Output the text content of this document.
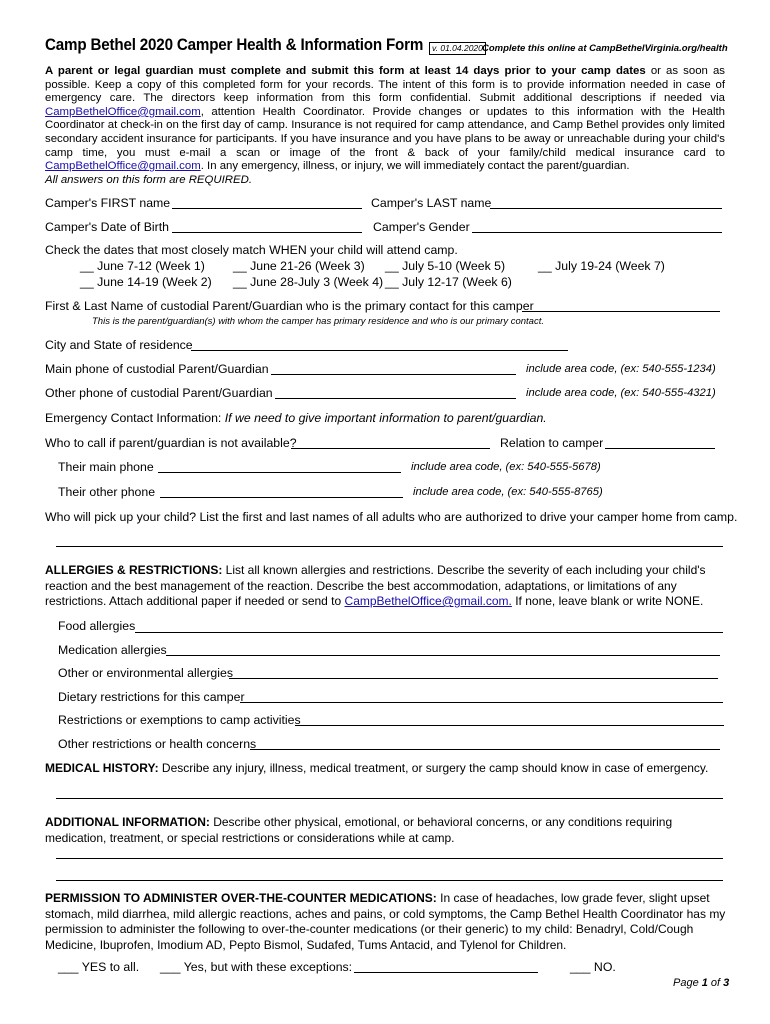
Camp Bethel 2020 Camper Health & Information Form	v. 01.04.2020 Complete this online at CampBethelVirginia.org/health
A parent or legal guardian must complete and submit this form at least 14 days prior to your camp dates or as soon as possible. Keep a copy of this completed form for your records. The intent of this form is to provide information needed in case of emergency care. The directors keep information from this form confidential. Submit additional descriptions if needed via CampBethelOffice@gmail.com, attention Health Coordinator. Provide changes or updates to this information with the Health Coordinator at check-in on the first day of camp. Insurance is not required for camp attendance, and Camp Bethel provides only limited secondary accident insurance for participants. If you have insurance and you have plans to be away or unreachable during your child's camp time, you must e-mail a scan or image of the front & back of your family/child medical insurance card to CampBethelOffice@gmail.com. In any emergency, illness, or injury, we will immediately contact the parent/guardian.
All answers on this form are REQUIRED.
Camper's FIRST name	Camper's LAST name
Camper's Date of Birth	Camper's Gender
Check the dates that most closely match WHEN your child will attend camp.
__ June 7-12 (Week 1) __ June 21-26 (Week 3) __ July 5-10 (Week 5)	__ July 19-24 (Week 7)
__ June 14-19 (Week 2) __ June 28-July 3 (Week 4) __ July 12-17 (Week 6)
First & Last Name of custodial Parent/Guardian who is the primary contact for this camper
This is the parent/guardian(s) with whom the camper has primary residence and who is our primary contact.
City and State of residence
Main phone of custodial Parent/Guardian	include area code, (ex: 540-555-1234)
Other phone of custodial Parent/Guardian	include area code, (ex: 540-555-4321)
Emergency Contact Information: If we need to give important information to parent/guardian.
Who to call if parent/guardian is not available?	Relation to camper
Their main phone	include area code, (ex: 540-555-5678)
Their other phone	include area code, (ex: 540-555-8765)
Who will pick up your child? List the first and last names of all adults who are authorized to drive your camper home from camp.
ALLERGIES & RESTRICTIONS: List all known allergies and restrictions. Describe the severity of each including your child's reaction and the best management of the reaction. Describe the best accommodation, adaptations, or limitations of any restrictions. Attach additional paper if needed or send to CampBethelOffice@gmail.com. If none, leave blank or write NONE.
Food allergies
Medication allergies
Other or environmental allergies
Dietary restrictions for this camper
Restrictions or exemptions to camp activities
Other restrictions or health concerns
MEDICAL HISTORY: Describe any injury, illness, medical treatment, or surgery the camp should know in case of emergency.
ADDITIONAL INFORMATION: Describe other physical, emotional, or behavioral concerns, or any conditions requiring medication, treatment, or special restrictions or considerations while at camp.
PERMISSION TO ADMINISTER OVER-THE-COUNTER MEDICATIONS: In case of headaches, low grade fever, slight upset stomach, mild diarrhea, mild allergic reactions, aches and pains, or cold symptoms, the Camp Bethel Health Coordinator has my permission to administer the following to over-the-counter medications (or their generic) to my child: Benadryl, Cold/Cough Medicine, Ibuprofen, Imodium AD, Pepto Bismol, Sudafed, Tums Antacid, and Tylenol for Children.
___ YES to all. ___ Yes, but with these exceptions:	___ NO.
Page 1 of 3
